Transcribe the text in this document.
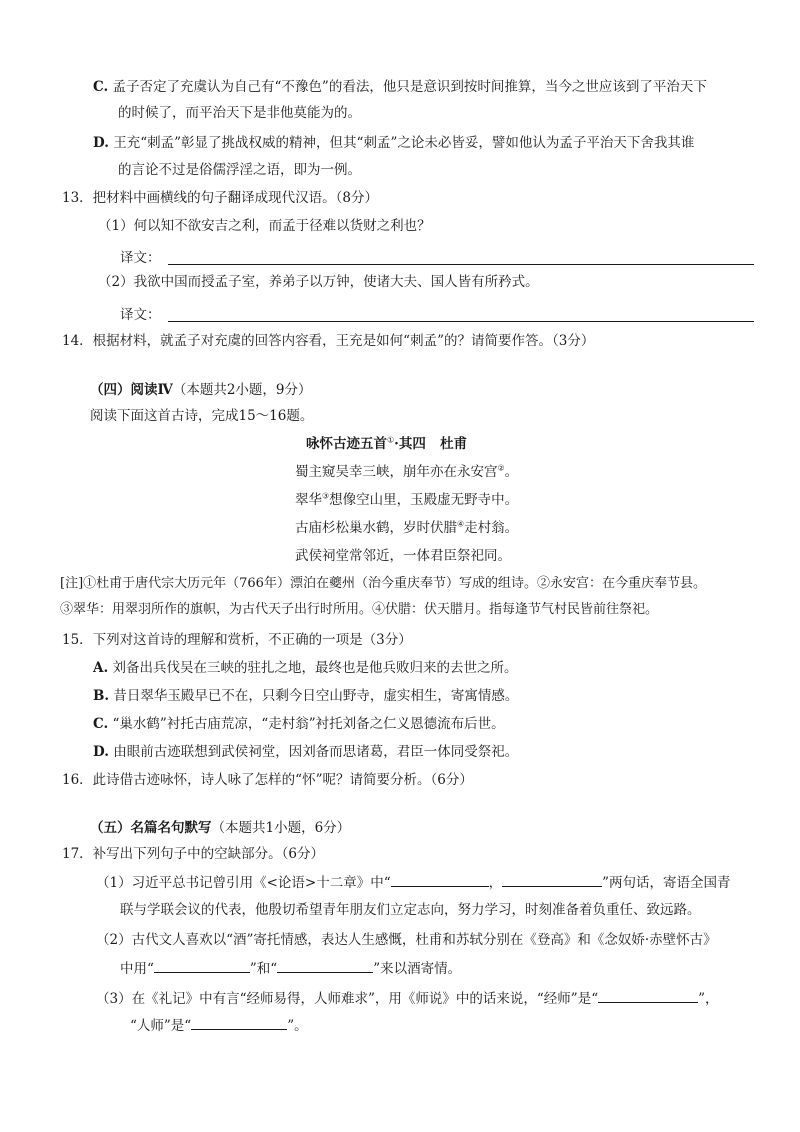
C. 孟子否定了充虞认为自己有“不豫色”的看法，他只是意识到按时间推算，当今之世应该到了平治天下
的时候了，而平治天下是非他莫能为的。
D. 王充“刺孟”彰显了挑战权威的精神，但其“刺孟”之论未必皆妥，譬如他认为孟子平治天下舍我其谁
的言论不过是俗儒浮淫之语，即为一例。
13．把材料中画横线的句子翻译成现代汉语。（8分）
（1）何以知不欲安吉之利，而孟于径难以货财之利也？
译文：
（2）我欲中国而授孟子室，养弟子以万钟，使诸大夫、国人皆有所矜式。
译文：
14．根据材料，就孟子对充虞的回答内容看，王充是如何“刺孟”的？请简要作答。（3分）
（四）阅读Ⅳ（本题共2小题，9分）
阅读下面这首古诗，完成15～16题。
咏怀古迹五首①·其四 杜甫
蜀主窥吴幸三峡，崩年亦在永安宫②。
翠华③想像空山里，玉殿虚无野寺中。
古庙杉松巢水鹤，岁时伏腊④走村翁。
武侯祠堂常邻近，一体君臣祭祀同。
[注]①杜甫于唐代宗大历元年（766年）漂泊在夔州（治今重庆奉节）写成的组诗。②永安宫：在今重庆奉节县。
③翠华：用翠羽所作的旗帜，为古代天子出行时所用。④伏腊：伏天腊月。指每逢节气村民皆前往祭祀。
15．下列对这首诗的理解和赏析，不正确的一项是（3分）
A. 刘备出兵伐吴在三峡的驻扎之地，最终也是他兵败归来的去世之所。
B. 昔日翠华玉殿早已不在，只剩今日空山野寺，虚实相生，寄寓情感。
C. “巢水鹤”衬托古庙荒凉，“走村翁”衬托刘备之仁义恩德流布后世。
D. 由眼前古迹联想到武侯祠堂，因刘备而思诸葛，君臣一体同受祭祀。
16．此诗借古迹咏怀，诗人咏了怎样的“怀”呢？请简要分析。（6分）
（五）名篇名句默写（本题共1小题，6分）
17．补写出下列句子中的空缺部分。（6分）
（1）习近平总书记曾引用《<论语>十二章》中“	，	”两句话，寄语全国青
联与学联会议的代表，他殷切希望青年朋友们立定志向，努力学习，时刻准备着负重任、致远路。
（2）古代文人喜欢以“酒”寄托情感，表达人生感慨，杜甫和苏轼分别在《登高》和《念奴娇·赤壁怀古》
中用“	”和“	”来以酒寄情。
（3）在《礼记》中有言“经师易得，人师难求”，用《师说》中的话来说，“经师”是“	”，
“人师”是“	”。
